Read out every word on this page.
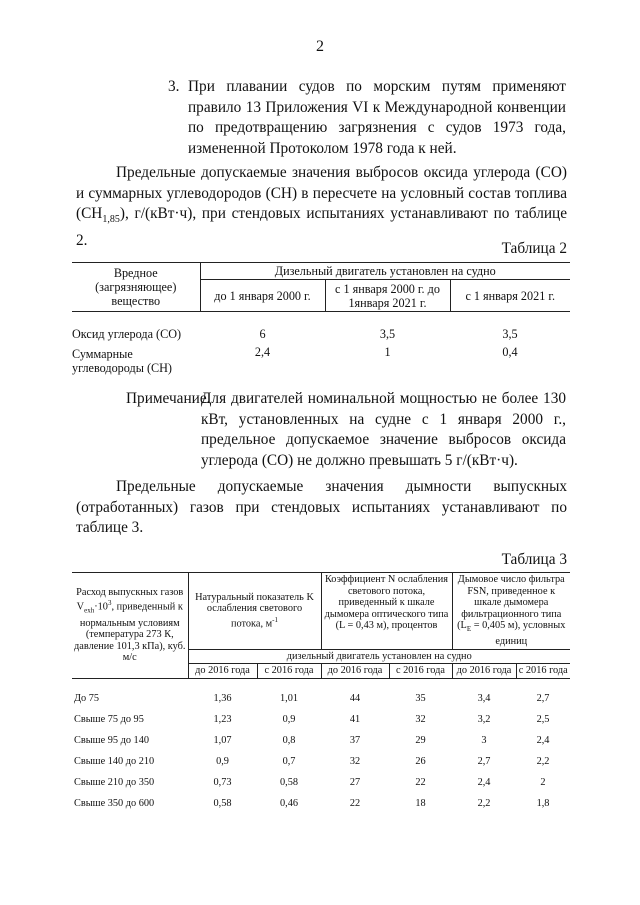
2
3. При плавании судов по морским путям применяют правило 13 Приложения VI к Международной конвенции по предотвращению загрязнения с судов 1973 года, измененной Протоколом 1978 года к ней.

Предельные допускаемые значения выбросов оксида углерода (CO) и суммарных углеводородов (CH) в пересчете на условный состав топлива $(CH_{1,85})$, г/(кВт·ч), при стендовых испытаниях устанавливают по таблице 2.	Таблица 2
Вредное (загрязняющее) вещество	Дизельный двигатель установлен на судно		
	до 1 января 2000 г.	с 1 января 2000 г. до 1января 2021 г.	с 1 января 2021 г.

Оксид углерода (CO)	6	3,5	3,5
Суммарные углеводороды (CH)	2,4	1	0,4
Примечание.

Для двигателей номинальной мощностью не более 130 кВт, установленных на судне с 1 января 2000 г., предельное допускаемое значение выбросов оксида углерода (CO) не должно превышать 5 г/(кВт·ч).

Предельные допускаемые значения дымности выпускных (отработанных) газов при стендовых испытаниях устанавливают по таблице 3.
Таблица 3
Расход выпускных газов $V_{exh}\cdot 10^3$, приведенный к нормальным условиям (температура 273 К, давление 101,3 кПа), куб. м/с	Натуральный показатель K ослабления светового потока, $м^{-1}$		Коэффициент N ослабления светового потока, приведенный к шкале дымомера оптического типа (L = 0,43 м), процентов		Дымовое число фильтра FSN, приведенное к шкале дымомера фильтрационного типа ($L_E = 0,405$ м), условных единиц	
	дизельный двигатель установлен на судно					
	до 2016 года	с 2016 года	до 2016 года	с 2016 года	до 2016 года	с 2016 года

До 75	1,36	1,01	44	35	3,4	2,7
Свыше 75 до 95	1,23	0,9	41	32	3,2	2,5
Свыше 95 до 140	1,07	0,8	37	29	3	2,4
Свыше 140 до 210	0,9	0,7	32	26	2,7	2,2
Свыше 210 до 350	0,73	0,58	27	22	2,4	2
Свыше 350 до 600	0,58	0,46	22	18	2,2	1,8
